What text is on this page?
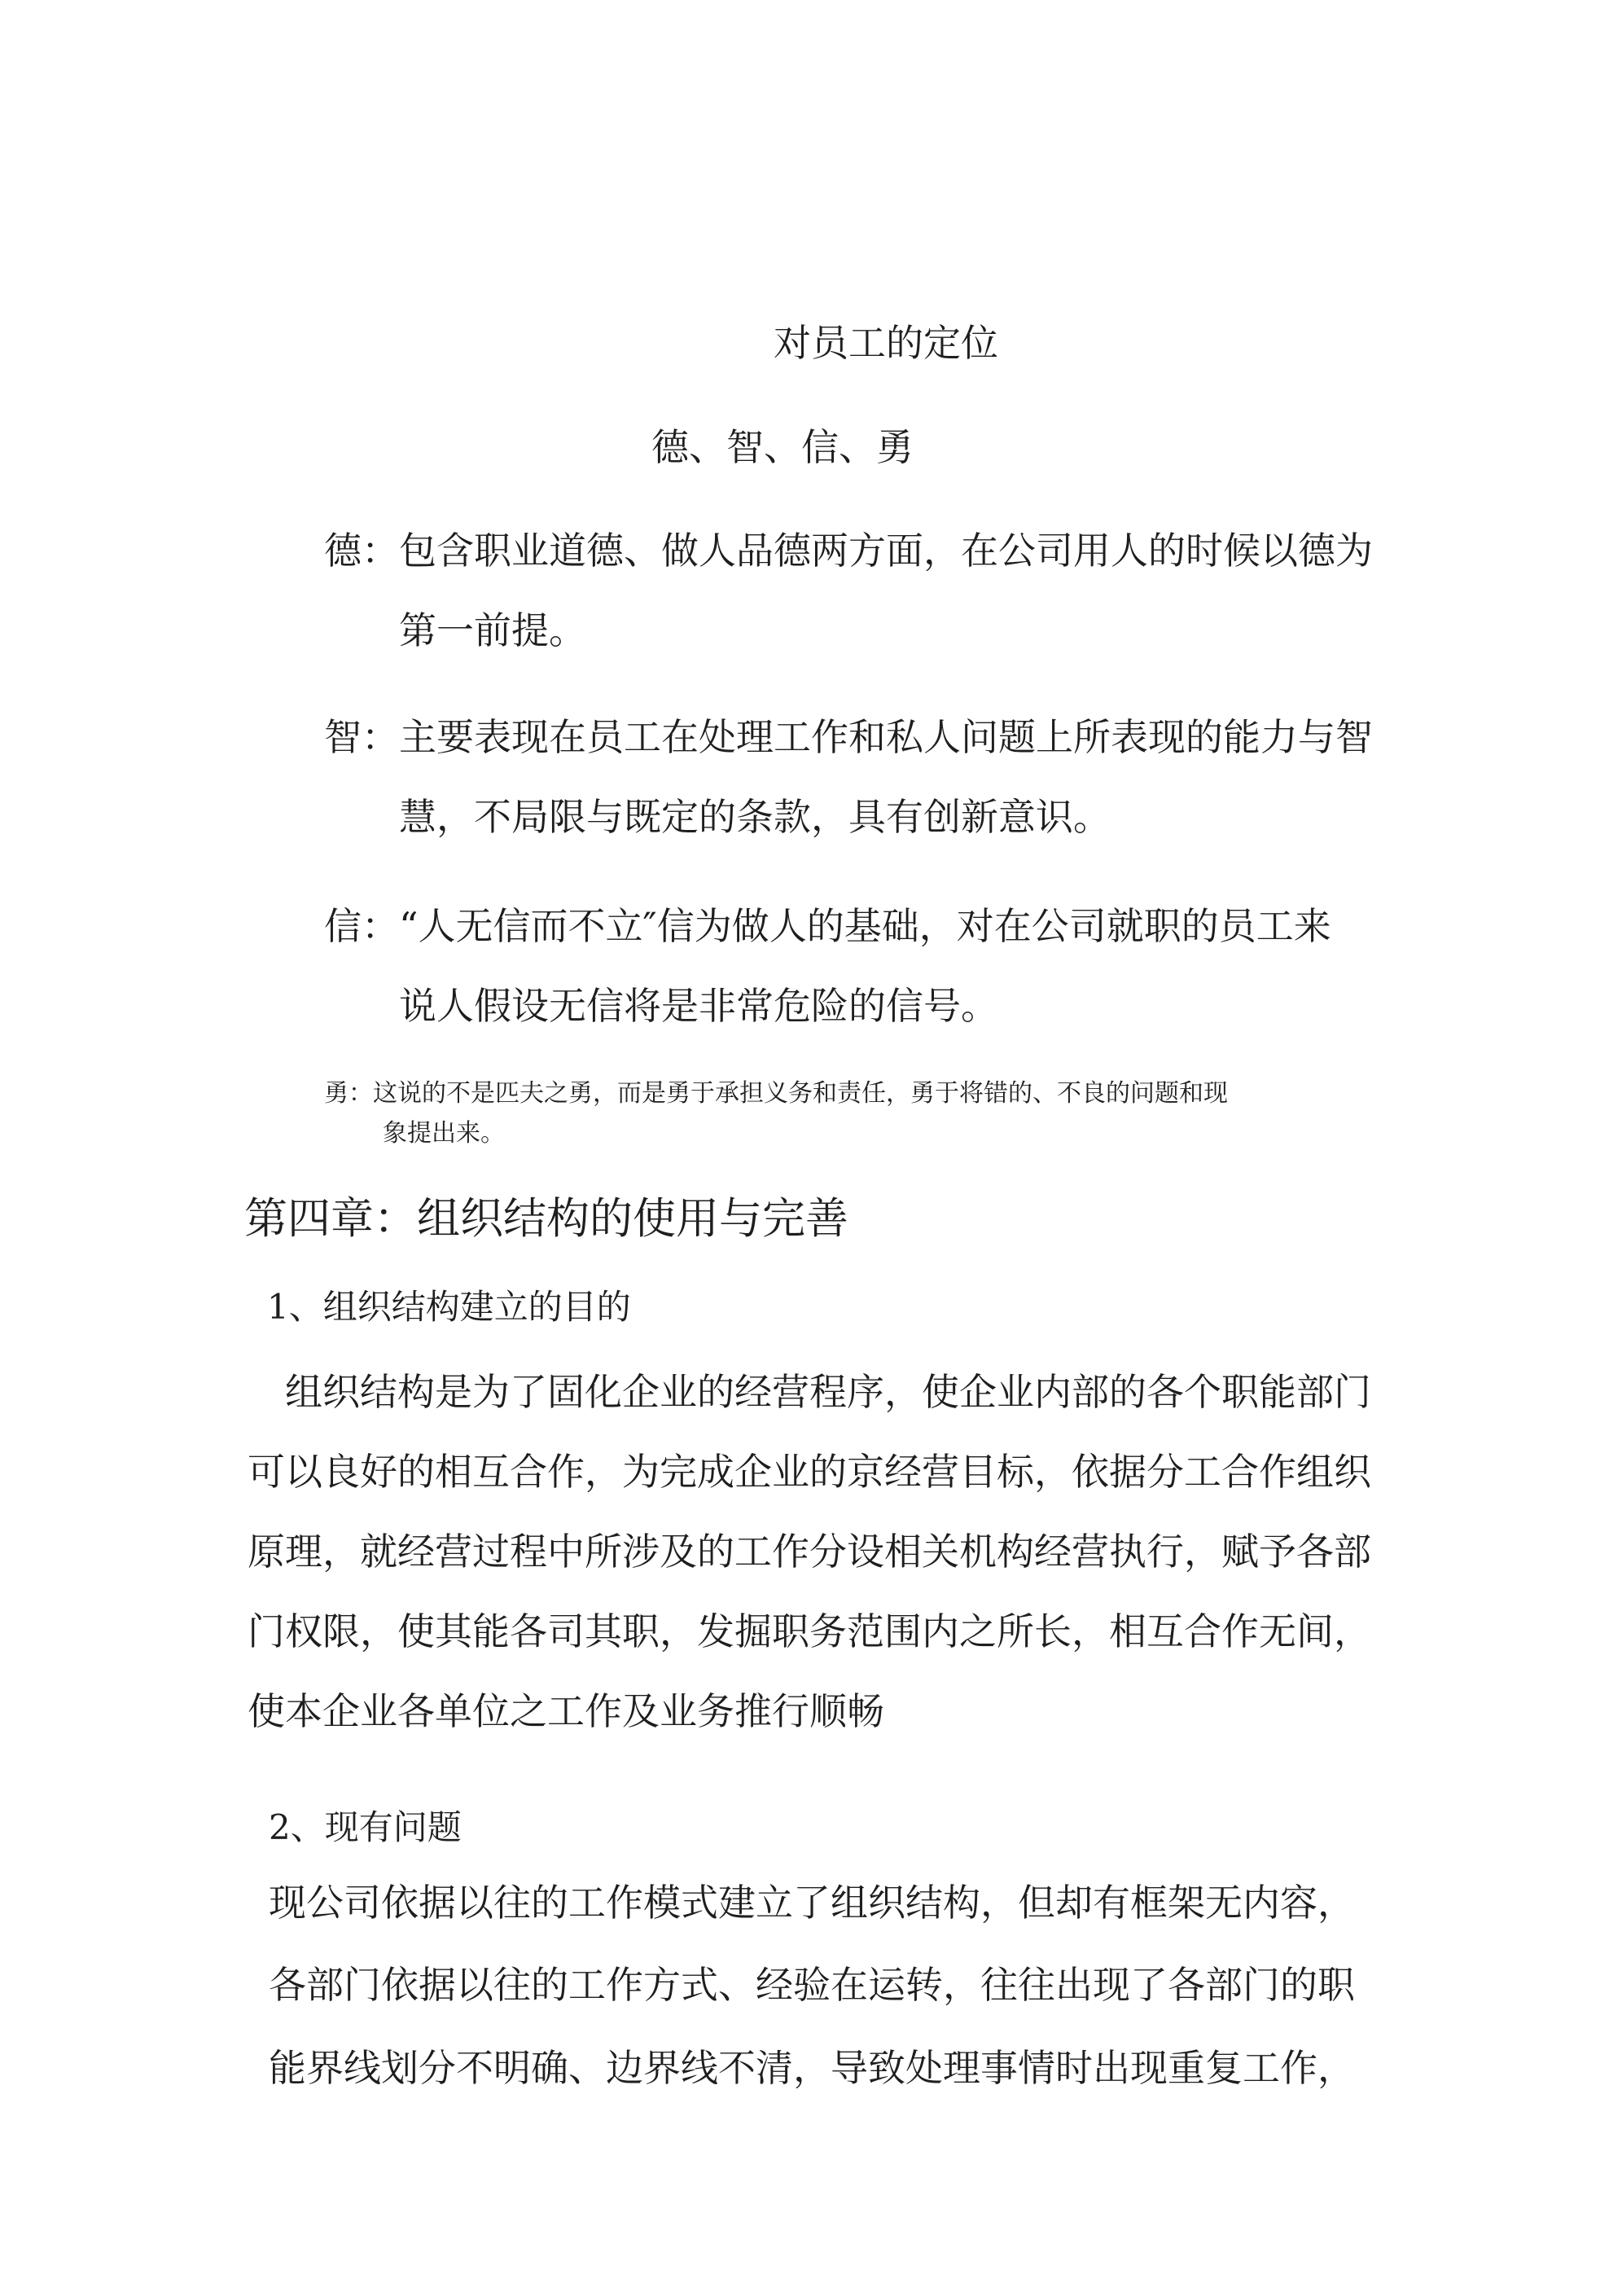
对员工的定位
德、智、信、勇
德：包含职业道德、做人品德两方面，在公司用人的时候以德为
第一前提。
智：主要表现在员工在处理工作和私人问题上所表现的能力与智
慧，不局限与既定的条款，具有创新意识。
信：“人无信而不立″信为做人的基础，对在公司就职的员工来
说人假设无信将是非常危险的信号。
勇：这说的不是匹夫之勇，而是勇于承担义务和责任，勇于将错的、不良的问题和现
象提出来。
第四章：组织结构的使用与完善
1、组织结构建立的目的
组织结构是为了固化企业的经营程序，使企业内部的各个职能部门
可以良好的相互合作，为完成企业的京经营目标，依据分工合作组织
原理，就经营过程中所涉及的工作分设相关机构经营执行，赋予各部
门权限，使其能各司其职，发掘职务范围内之所长，相互合作无间，
使本企业各单位之工作及业务推行顺畅
2、现有问题
现公司依据以往的工作模式建立了组织结构，但却有框架无内容，
各部门依据以往的工作方式、经验在运转，往往出现了各部门的职
能界线划分不明确、边界线不清，导致处理事情时出现重复工作，
